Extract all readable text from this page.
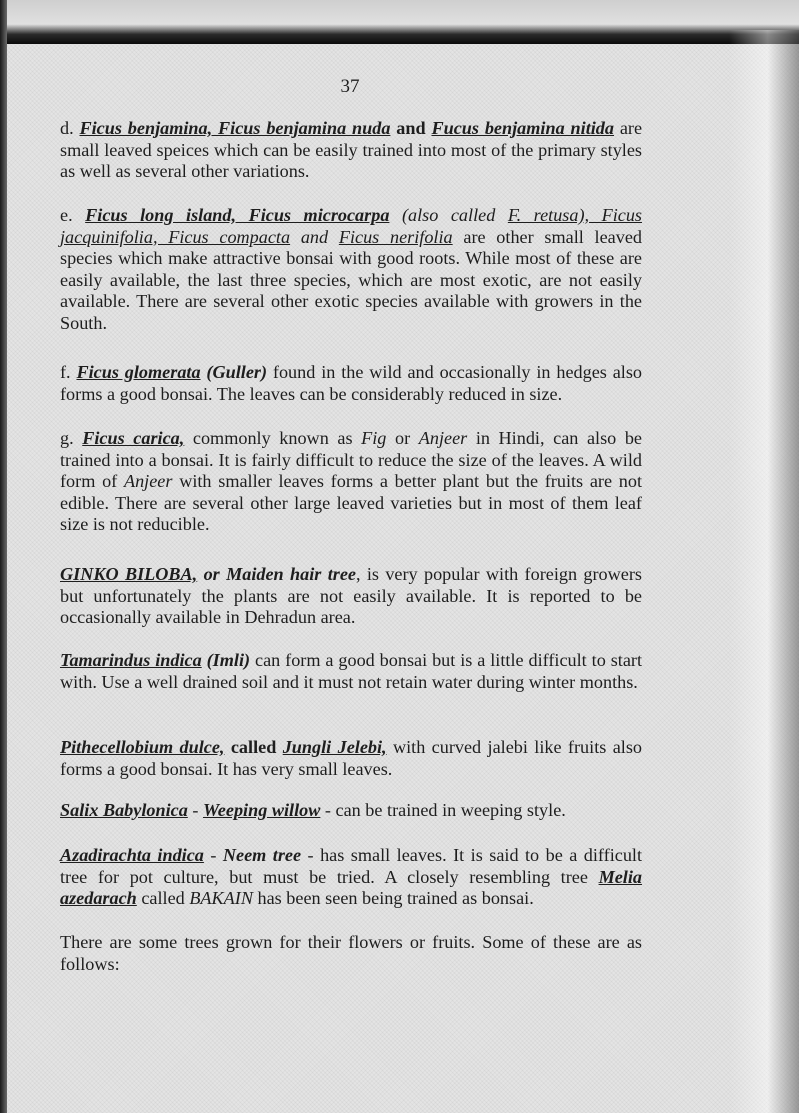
37

d. Ficus benjamina, Ficus benjamina nuda and Fucus benjamina nitida are small leaved speices which can be easily trained into most of the primary styles as well as several other variations.

e. Ficus long island, Ficus microcarpa (also called F. retusa), Ficus jacquinifolia, Ficus compacta and Ficus nerifolia are other small leaved species which make attractive bonsai with good roots. While most of these are easily available, the last three species, which are most exotic, are not easily available. There are several other exotic species available with growers in the South.

f. Ficus glomerata (Guller) found in the wild and occasionally in hedges also forms a good bonsai. The leaves can be considerably reduced in size.

g. Ficus carica, commonly known as Fig or Anjeer in Hindi, can also be trained into a bonsai. It is fairly difficult to reduce the size of the leaves. A wild form of Anjeer with smaller leaves forms a better plant but the fruits are not edible. There are several other large leaved varieties but in most of them leaf size is not reducible.

GINKO BILOBA, or Maiden hair tree, is very popular with foreign growers but unfortunately the plants are not easily available. It is reported to be occasionally available in Dehradun area.

Tamarindus indica (Imli) can form a good bonsai but is a little difficult to start with. Use a well drained soil and it must not retain water during winter months.

Pithecellobium dulce, called Jungli Jelebi, with curved jalebi like fruits also forms a good bonsai. It has very small leaves.

Salix Babylonica - Weeping willow - can be trained in weeping style.

Azadirachta indica - Neem tree - has small leaves. It is said to be a difficult tree for pot culture, but must be tried. A closely resembling tree Melia azedarach called BAKAIN has been seen being trained as bonsai.

There are some trees grown for their flowers or fruits. Some of these are as follows:
